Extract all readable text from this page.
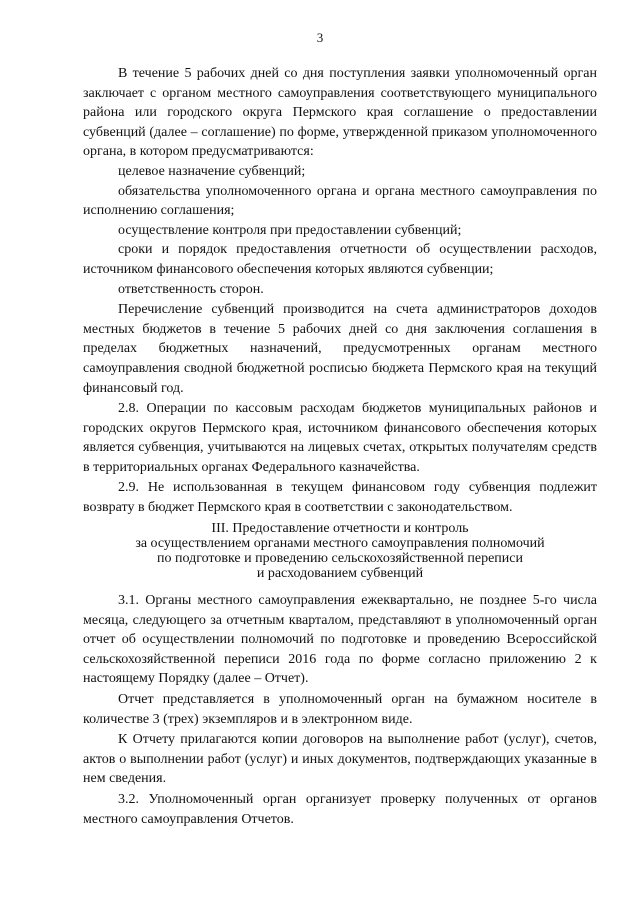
3

В течение 5 рабочих дней со дня поступления заявки уполномоченный орган заключает с органом местного самоуправления соответствующего муниципального района или городского округа Пермского края соглашение о предоставлении субвенций (далее – соглашение) по форме, утвержденной приказом уполномоченного органа, в котором предусматриваются:

целевое назначение субвенций;

обязательства уполномоченного органа и органа местного самоуправления по исполнению соглашения;

осуществление контроля при предоставлении субвенций;

сроки и порядок предоставления отчетности об осуществлении расходов, источником финансового обеспечения которых являются субвенции;

ответственность сторон.

Перечисление субвенций производится на счета администраторов доходов местных бюджетов в течение 5 рабочих дней со дня заключения соглашения в пределах бюджетных назначений, предусмотренных органам местного самоуправления сводной бюджетной росписью бюджета Пермского края на текущий финансовый год.

2.8. Операции по кассовым расходам бюджетов муниципальных районов и городских округов Пермского края, источником финансового обеспечения которых является субвенция, учитываются на лицевых счетах, открытых получателям средств в территориальных органах Федерального казначейства.

2.9. Не использованная в текущем финансовом году субвенция подлежит возврату в бюджет Пермского края в соответствии с законодательством.

III. Предоставление отчетности и контроль
за осуществлением органами местного самоуправления полномочий
по подготовке и проведению сельскохозяйственной переписи
и расходованием субвенций

3.1. Органы местного самоуправления ежеквартально, не позднее 5-го числа месяца, следующего за отчетным кварталом, представляют в уполномоченный орган отчет об осуществлении полномочий по подготовке и проведению Всероссийской сельскохозяйственной переписи 2016 года по форме согласно приложению 2 к настоящему Порядку (далее – Отчет).

Отчет представляется в уполномоченный орган на бумажном носителе в количестве 3 (трех) экземпляров и в электронном виде.

К Отчету прилагаются копии договоров на выполнение работ (услуг), счетов, актов о выполнении работ (услуг) и иных документов, подтверждающих указанные в нем сведения.

3.2. Уполномоченный орган организует проверку полученных от органов местного самоуправления Отчетов.
